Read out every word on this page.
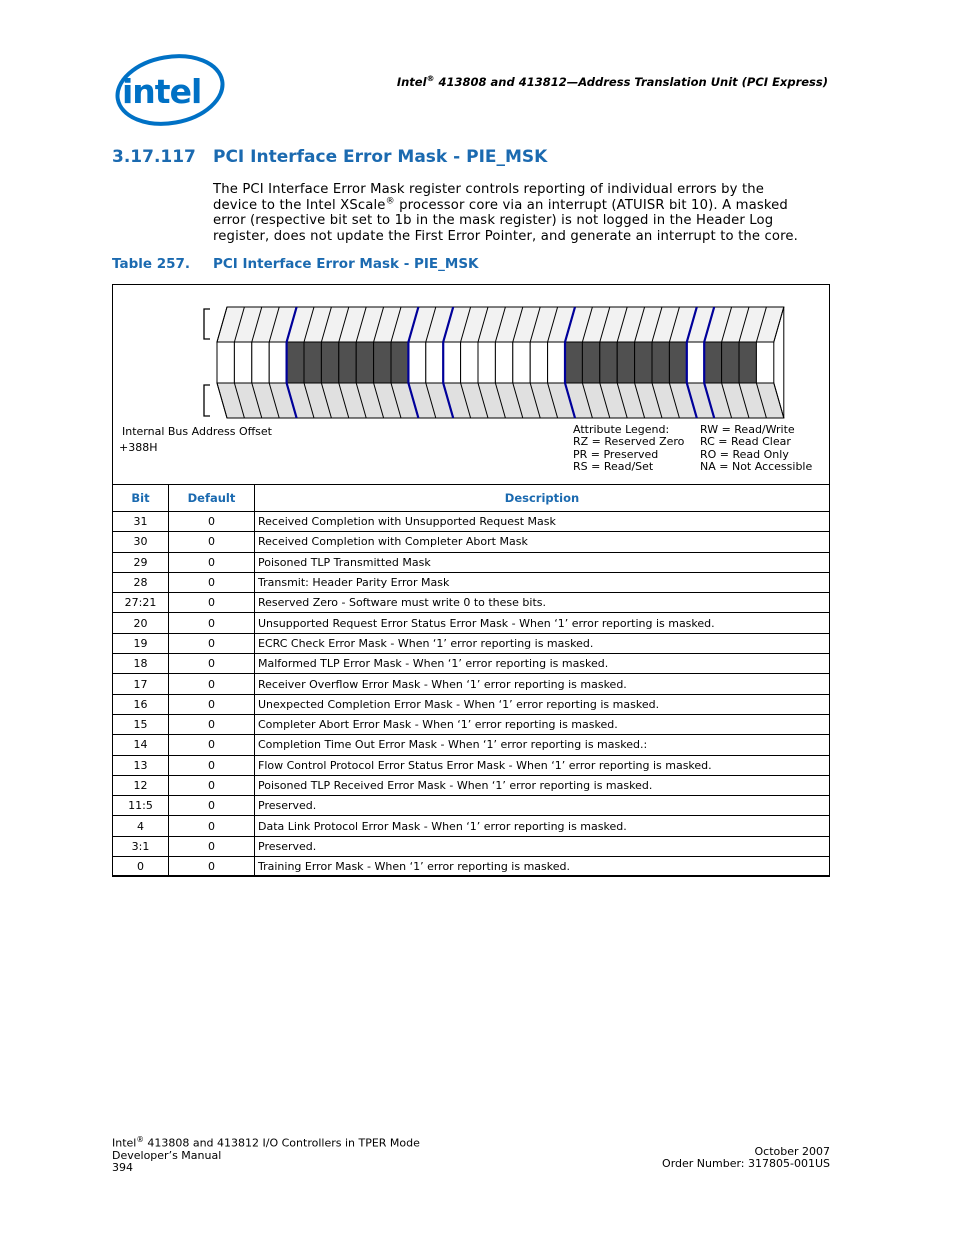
intel	Intel® 413808 and 413812—Address Translation Unit (PCI Express)
3.17.117 PCI Interface Error Mask - PIE_MSK

The PCI Interface Error Mask register controls reporting of individual errors by the

device to the Intel XScale® processor core via an interrupt (ATUISR bit 10). A masked

error (respective bit set to 1b in the mask register) is not logged in the Header Log

register, does not update the First Error Pointer, and generate an interrupt to the core.

Table 257. PCI Interface Error Mask - PIE_MSK
Internal Bus Address Offset
+388H
Attribute Legend:	RW = Read/Write
RZ = Reserved Zero RC = Read Clear
PR = Preserved	RO = Read Only
RS = Read/Set	NA = Not Accessible
Bit	Default	Description
31	0	Received Completion with Unsupported Request Mask
30	0	Received Completion with Completer Abort Mask
29	0	Poisoned TLP Transmitted Mask
28	0	Transmit: Header Parity Error Mask
27:21	0	Reserved Zero - Software must write 0 to these bits.
20	0	Unsupported Request Error Status Error Mask - When ‘1’ error reporting is masked.
19	0	ECRC Check Error Mask - When ‘1’ error reporting is masked.
18	0	Malformed TLP Error Mask - When ‘1’ error reporting is masked.
17	0	Receiver Overflow Error Mask - When ‘1’ error reporting is masked.
16	0	Unexpected Completion Error Mask - When ‘1’ error reporting is masked.
15	0	Completer Abort Error Mask - When ‘1’ error reporting is masked.
14	0	Completion Time Out Error Mask - When ‘1’ error reporting is masked.:
13	0	Flow Control Protocol Error Status Error Mask - When ‘1’ error reporting is masked.
12	0	Poisoned TLP Received Error Mask - When ‘1’ error reporting is masked.
11:5	0	Preserved.
4	0	Data Link Protocol Error Mask - When ‘1’ error reporting is masked.
3:1	0	Preserved.
0	0	Training Error Mask - When ‘1’ error reporting is masked.
Intel® 413808 and 413812 I/O Controllers in TPER Mode
Developer’s Manual
394
October 2007
Order Number: 317805-001US
